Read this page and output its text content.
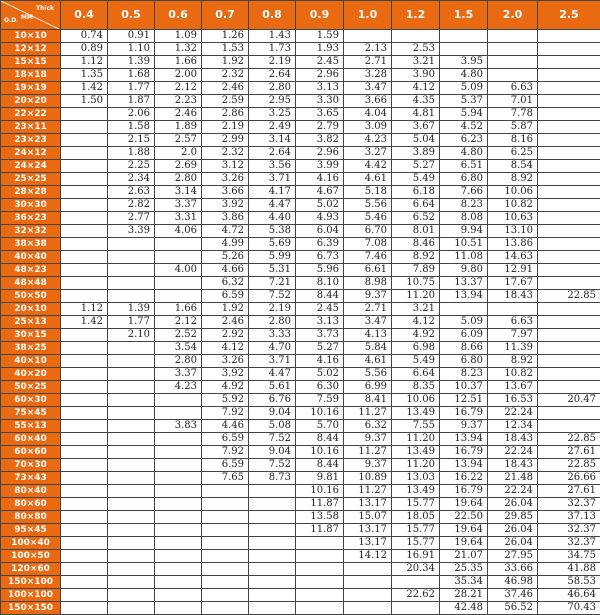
Thick
MM
O.D.	0.4	0.5	0.6	0.7	0.8	0.9	1.0	1.2	1.5	2.0	2.5
10×10	0.74	0.91	1.09	1.26	1.43	1.59					
12×12	0.89	1.10	1.32	1.53	1.73	1.93	2.13	2.53			
15×15	1.12	1.39	1.66	1.92	2.19	2.45	2.71	3.21	3.95		
18×18	1.35	1.68	2.00	2.32	2.64	2.96	3.28	3.90	4.80		
19×19	1.42	1.77	2.12	2.46	2.80	3.13	3.47	4.12	5.09	6.63	
20×20	1.50	1.87	2.23	2.59	2.95	3.30	3.66	4.35	5.37	7.01	
22×22		2.06	2.46	2.86	3.25	3.65	4.04	4.81	5.94	7.78	
23×11		1.58	1.89	2.19	2.49	2.79	3.09	3.67	4.52	5.87	
23×23		2.15	2.57	2.99	3.14	3.82	4.23	5.04	6.23	8.16	
24×12		1.88	2.0	2.32	2.64	2.96	3.27	3.89	4.80	6.25	
24×24		2.25	2.69	3.12	3.56	3.99	4.42	5.27	6.51	8.54	
25×25		2.34	2.80	3.26	3.71	4.16	4.61	5.49	6.80	8.92	
28×28		2.63	3.14	3.66	4.17	4.67	5.18	6.18	7.66	10.06	
30×30		2.82	3.37	3.92	4.47	5.02	5.56	6.64	8.23	10.82	
36×23		2.77	3.31	3.86	4.40	4.93	5.46	6.52	8.08	10.63	
32×32		3.39	4.06	4.72	5.38	6.04	6.70	8.01	9.94	13.10	
38×38				4.99	5.69	6.39	7.08	8.46	10.51	13.86	
40×40				5.26	5.99	6.73	7.46	8.92	11.08	14.63	
48×23			4.00	4.66	5.31	5.96	6.61	7.89	9.80	12.91	
48×48				6.32	7.21	8.10	8.98	10.75	13.37	17.67	
50×50				6.59	7.52	8.44	9.37	11.20	13.94	18.43	22.85
20×10	1.12	1.39	1.66	1.92	2.19	2.45	2.71	3.21			
25×13	1.42	1.77	2.12	2.46	2.80	3.13	3.47	4.12	5.09	6.63	
30×15		2.10	2.52	2.92	3.33	3.73	4.13	4.92	6.09	7.97	
38×25			3.54	4.12	4.70	5.27	5.84	6.98	8.66	11.39	
40×10			2.80	3.26	3.71	4.16	4.61	5.49	6.80	8.92	
40×20			3.37	3.92	4.47	5.02	5.56	6.64	8.23	10.82	
50×25			4.23	4.92	5.61	6.30	6.99	8.35	10.37	13.67	
60×30				5.92	6.76	7.59	8.41	10.06	12.51	16.53	20.47
75×45				7.92	9.04	10.16	11.27	13.49	16.79	22.24	
55×13			3.83	4.46	5.08	5.70	6.32	7.55	9.37	12.34	
60×40				6.59	7.52	8.44	9.37	11.20	13.94	18.43	22.85
60×60				7.92	9.04	10.16	11.27	13.49	16.79	22.24	27.61
70×30				6.59	7.52	8.44	9.37	11.20	13.94	18.43	22.85
73×43				7.65	8.73	9.81	10.89	13.03	16.22	21.48	26.66
80×40						10.16	11.27	13.49	16.79	22.24	27.61
80×60						11.87	13.17	15.77	19.64	26.04	32.37
80×80						13.58	15.07	18.05	22.50	29.85	37.13
95×45						11.87	13.17	15.77	19.64	26.04	32.37
100×40							13.17	15.77	19.64	26.04	32.37
100×50							14.12	16.91	21.07	27.95	34.75
120×60								20.34	25.35	33.66	41.88
150×100									35.34	46.98	58.53
100×100								22.62	28.21	37.46	46.64
150×150									42.48	56.52	70.43
